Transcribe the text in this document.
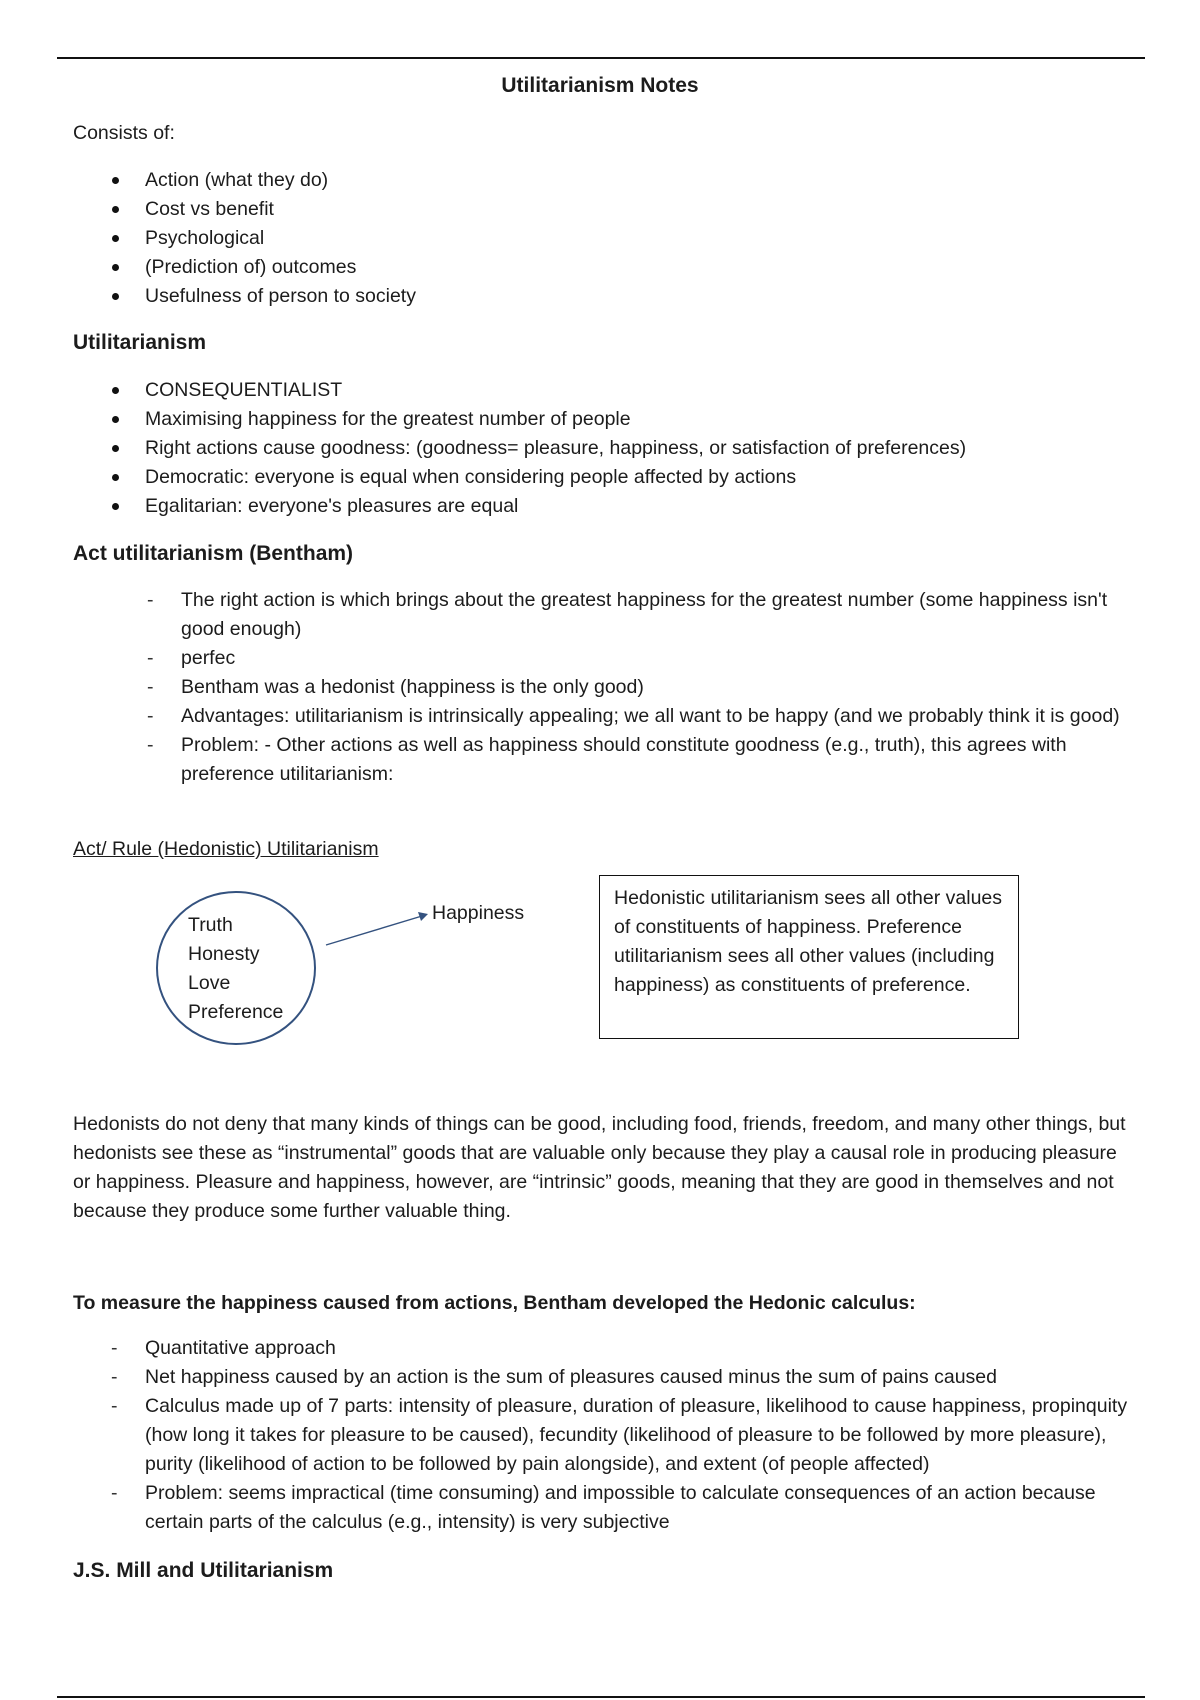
Utilitarianism Notes
Consists of:
Action (what they do)
Cost vs benefit
Psychological
(Prediction of) outcomes
Usefulness of person to society
Utilitarianism
CONSEQUENTIALIST
Maximising happiness for the greatest number of people
Right actions cause goodness: (goodness= pleasure, happiness, or satisfaction of preferences)
Democratic: everyone is equal when considering people affected by actions
Egalitarian: everyone's pleasures are equal
Act utilitarianism (Bentham)
- The right action is which brings about the greatest happiness for the greatest number (some happiness isn't good enough)
- perfec
- Bentham was a hedonist (happiness is the only good)
- Advantages: utilitarianism is intrinsically appealing; we all want to be happy (and we probably think it is good)
- Problem: - Other actions as well as happiness should constitute goodness (e.g., truth), this agrees with preference utilitarianism:
Act/ Rule (Hedonistic) Utilitarianism
Truth
Honesty
Love
Preference
Happiness
Hedonistic utilitarianism sees all other values of constituents of happiness. Preference utilitarianism sees all other values (including happiness) as constituents of preference.
Hedonists do not deny that many kinds of things can be good, including food, friends, freedom, and many other things, but hedonists see these as “instrumental” goods that are valuable only because they play a causal role in producing pleasure or happiness. Pleasure and happiness, however, are “intrinsic” goods, meaning that they are good in themselves and not because they produce some further valuable thing.
To measure the happiness caused from actions, Bentham developed the Hedonic calculus:
- Quantitative approach
- Net happiness caused by an action is the sum of pleasures caused minus the sum of pains caused
- Calculus made up of 7 parts: intensity of pleasure, duration of pleasure, likelihood to cause happiness, propinquity (how long it takes for pleasure to be caused), fecundity (likelihood of pleasure to be followed by more pleasure), purity (likelihood of action to be followed by pain alongside), and extent (of people affected)
- Problem: seems impractical (time consuming) and impossible to calculate consequences of an action because certain parts of the calculus (e.g., intensity) is very subjective
J.S. Mill and Utilitarianism
